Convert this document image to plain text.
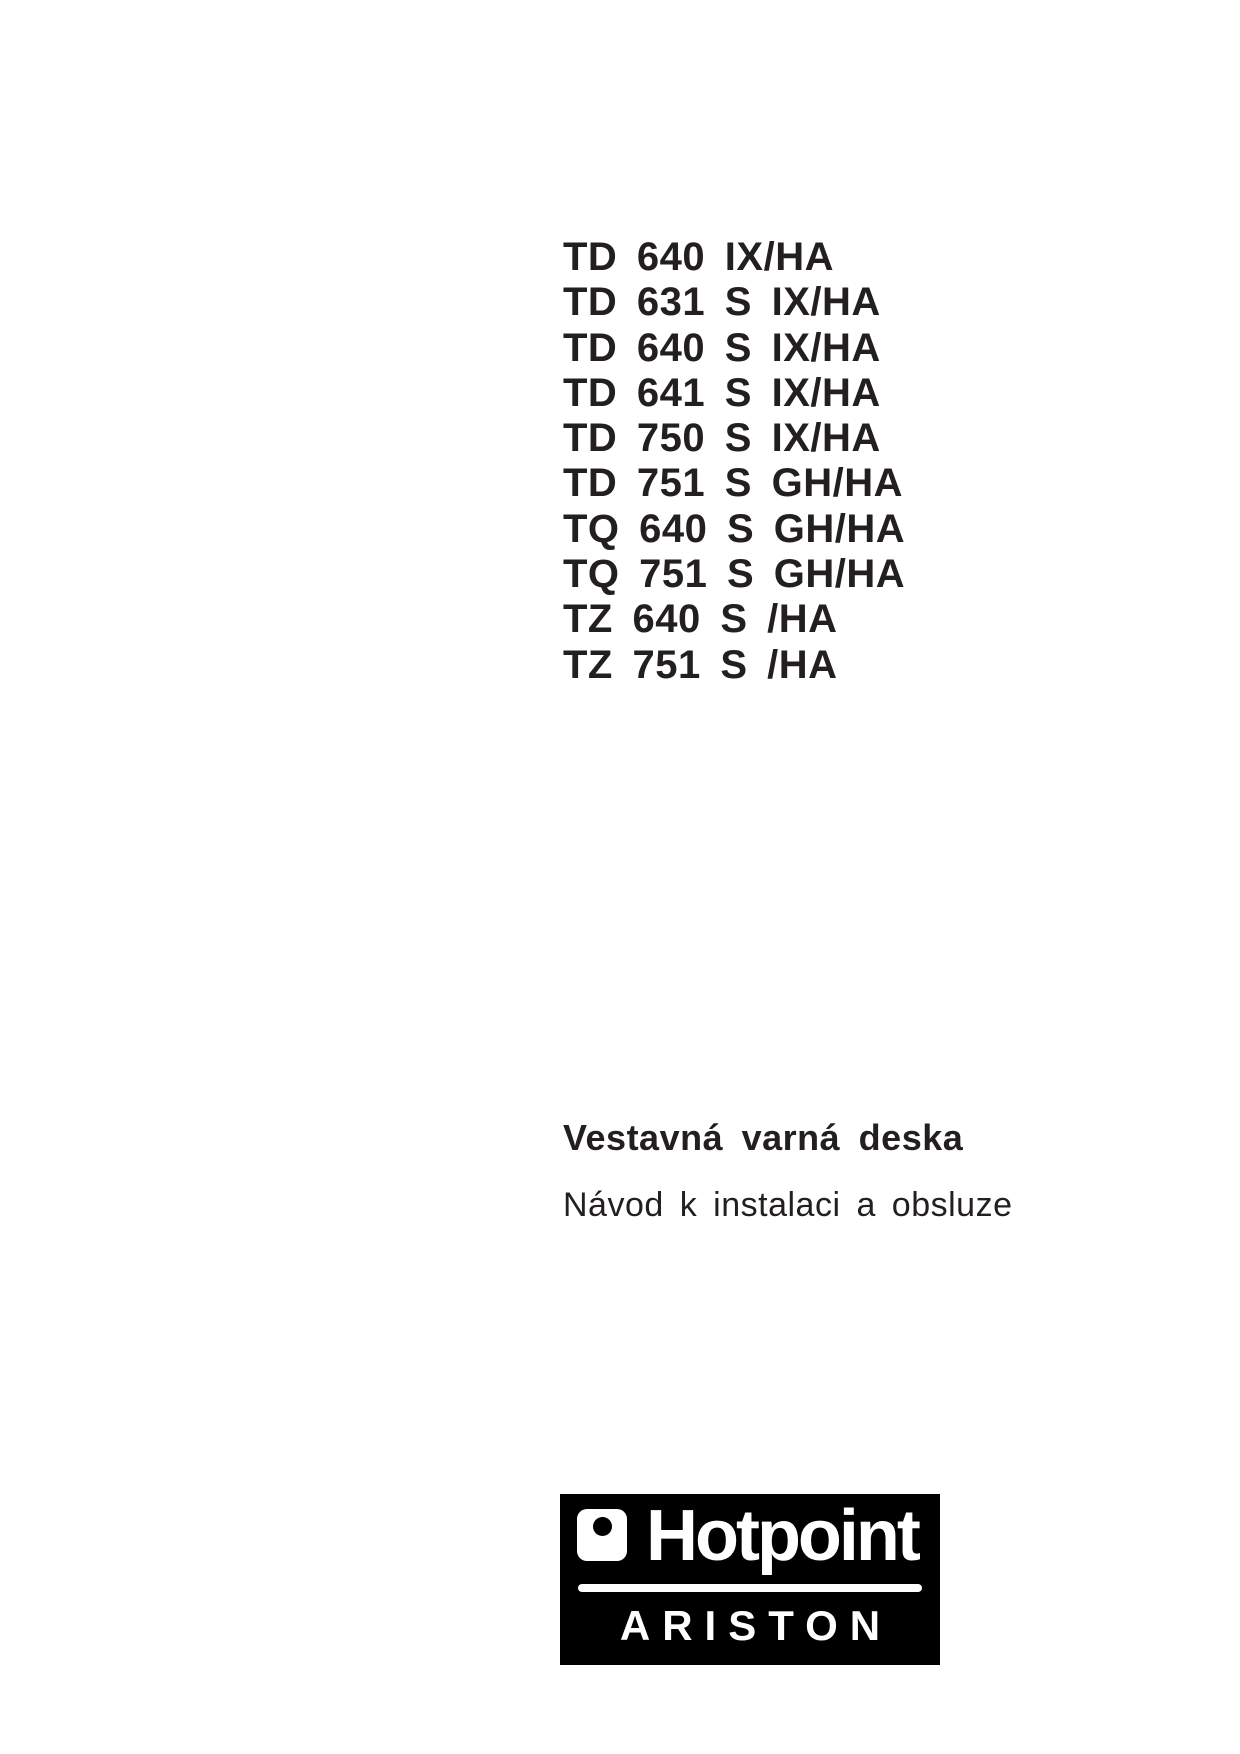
TD 640 IX/HA
TD 631 S IX/HA
TD 640 S IX/HA
TD 641 S IX/HA
TD 750 S IX/HA
TD 751 S GH/HA
TQ 640 S GH/HA
TQ 751 S GH/HA
TZ 640 S /HA
TZ 751 S /HA
Vestavná varná deska
Návod k instalaci a obsluze
Hotpoint
ARISTON
